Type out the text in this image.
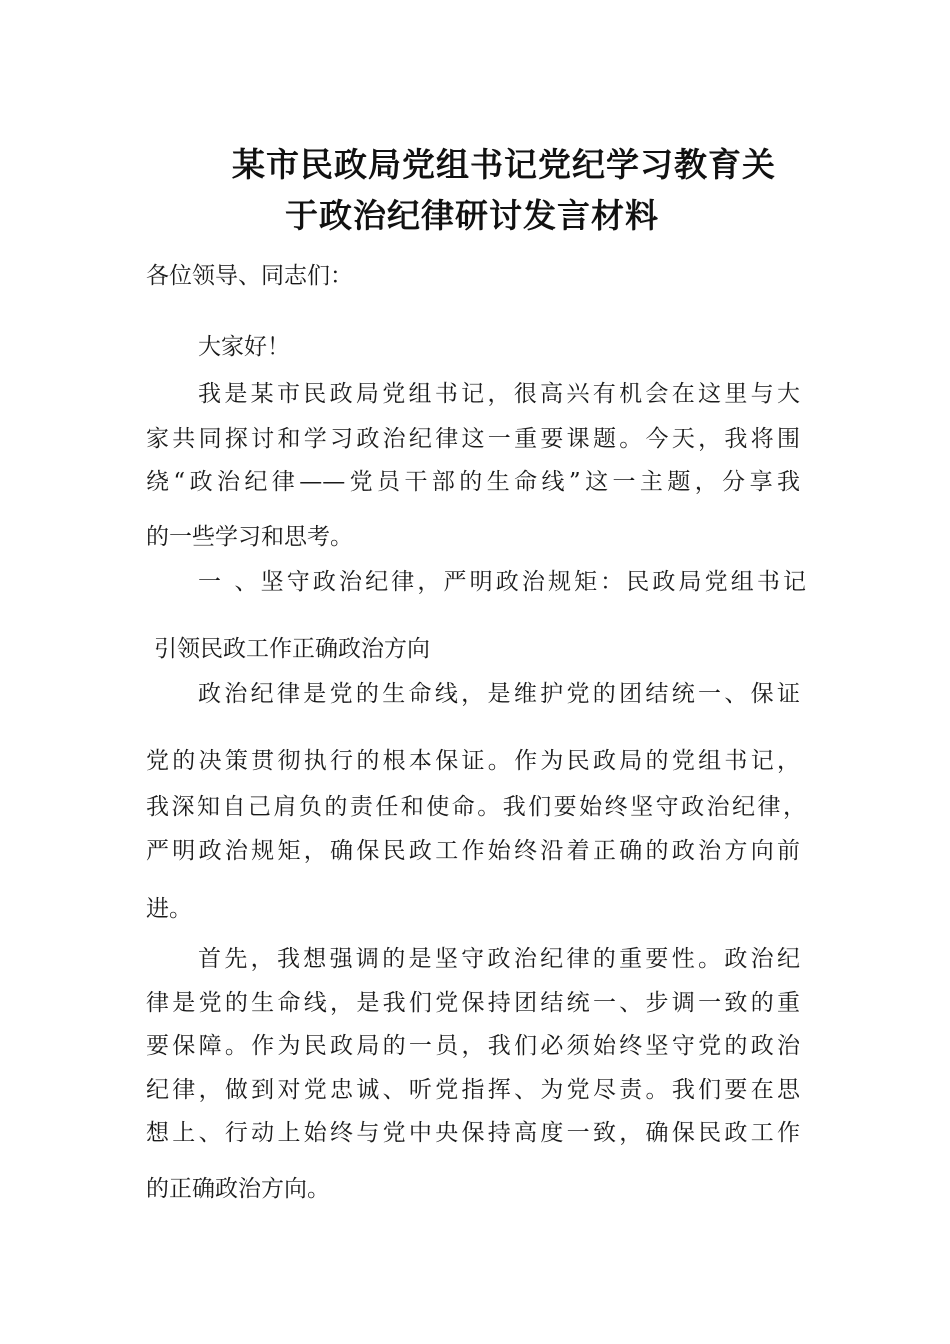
某市民政局党组书记党纪学习教育关
于政治纪律研讨发言材料
各位领导、同志们：
大家好！
我是某市民政局党组书记，很高兴有机会在这里与大
家共同探讨和学习政治纪律这一重要课题。今天，我将围
绕“政治纪律——党员干部的生命线”这一主题，分享我
的一些学习和思考。
一 、坚守政治纪律，严明政治规矩：民政局党组书记
引领民政工作正确政治方向
政治纪律是党的生命线，是维护党的团结统一、保证
党的决策贯彻执行的根本保证。作为民政局的党组书记，
我深知自己肩负的责任和使命。我们要始终坚守政治纪律，
严明政治规矩，确保民政工作始终沿着正确的政治方向前
进。
首先，我想强调的是坚守政治纪律的重要性。政治纪
律是党的生命线，是我们党保持团结统一、步调一致的重
要保障。作为民政局的一员，我们必须始终坚守党的政治
纪律，做到对党忠诚、听党指挥、为党尽责。我们要在思
想上、行动上始终与党中央保持高度一致，确保民政工作
的正确政治方向。
